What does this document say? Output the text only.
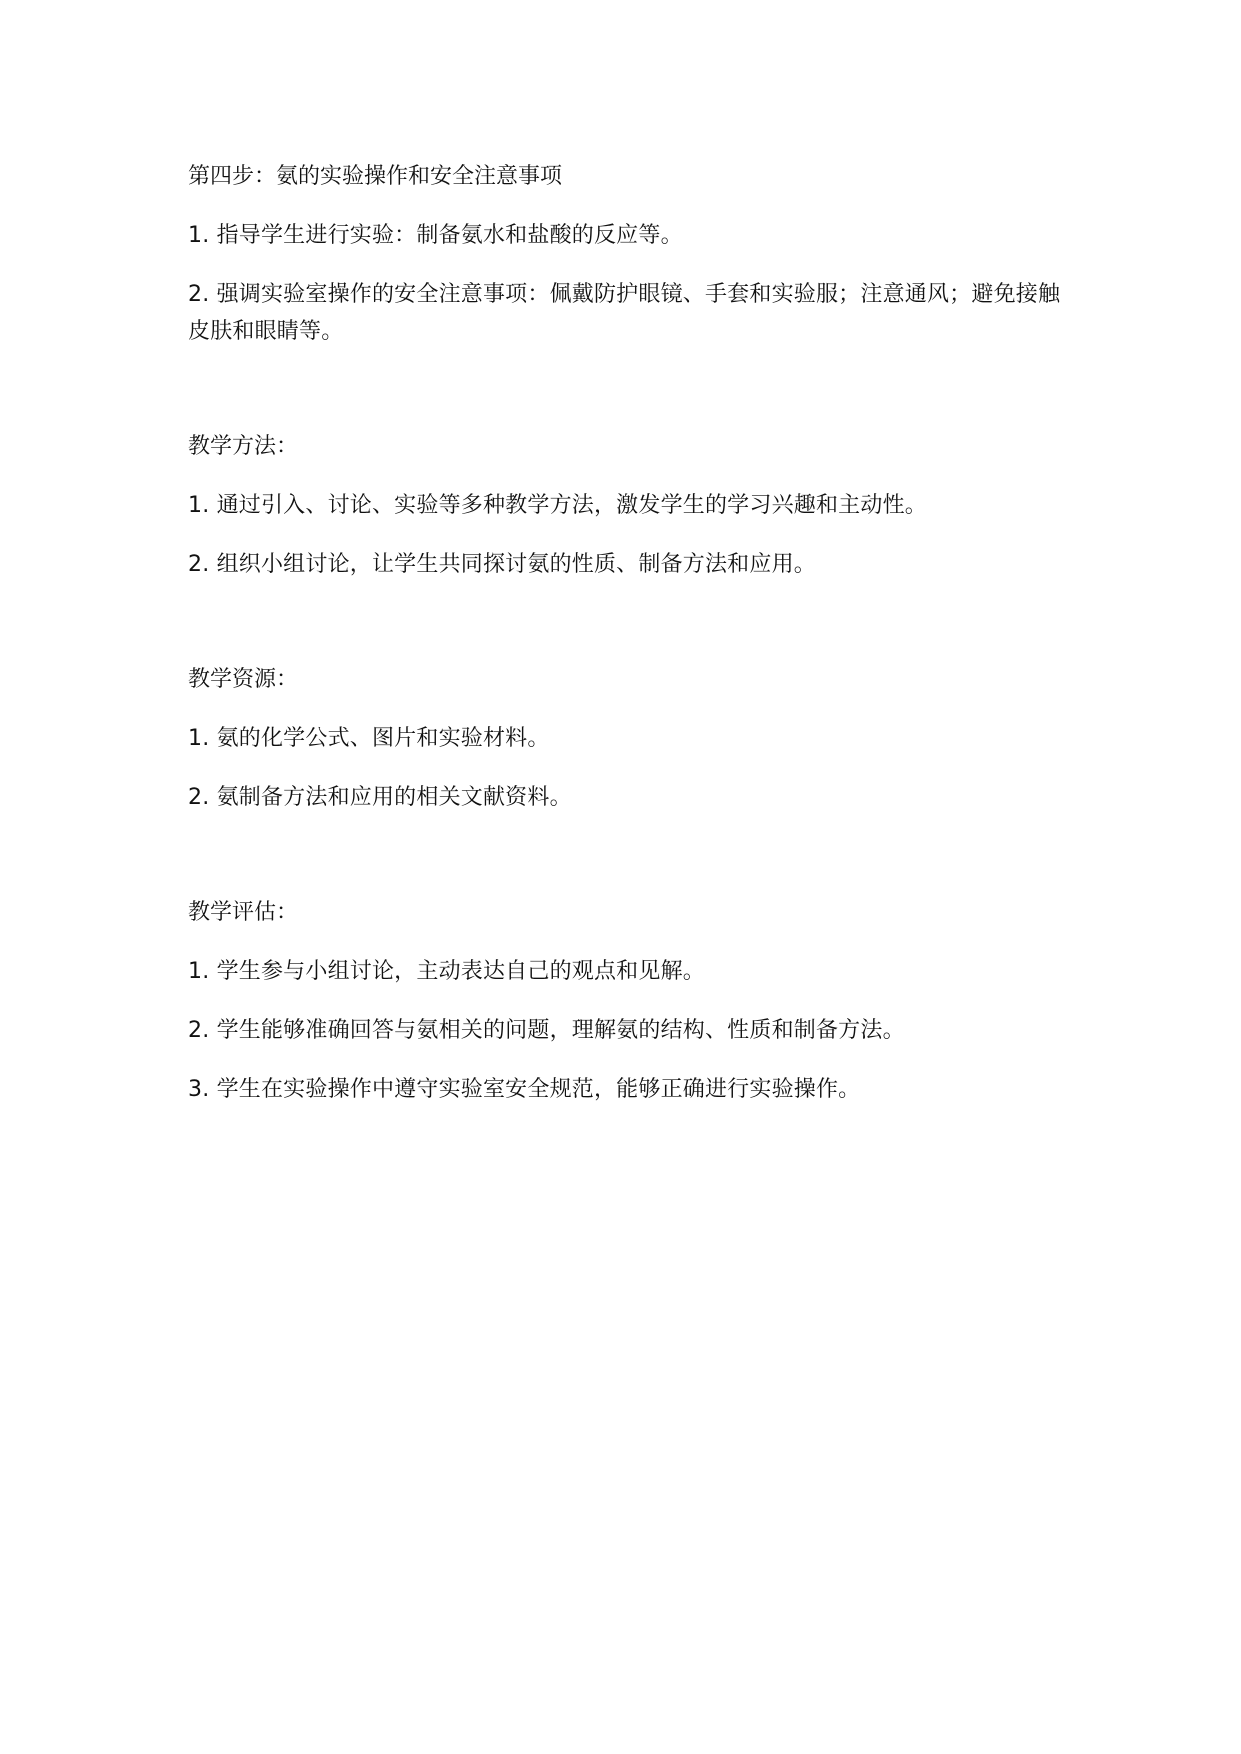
第四步：氨的实验操作和安全注意事项
1. 指导学生进行实验：制备氨水和盐酸的反应等。
2. 强调实验室操作的安全注意事项：佩戴防护眼镜、手套和实验服；注意通风；避免接触皮肤和眼睛等。
教学方法：
1. 通过引入、讨论、实验等多种教学方法，激发学生的学习兴趣和主动性。
2. 组织小组讨论，让学生共同探讨氨的性质、制备方法和应用。
教学资源：
1. 氨的化学公式、图片和实验材料。
2. 氨制备方法和应用的相关文献资料。
教学评估：
1. 学生参与小组讨论，主动表达自己的观点和见解。
2. 学生能够准确回答与氨相关的问题，理解氨的结构、性质和制备方法。
3. 学生在实验操作中遵守实验室安全规范，能够正确进行实验操作。
